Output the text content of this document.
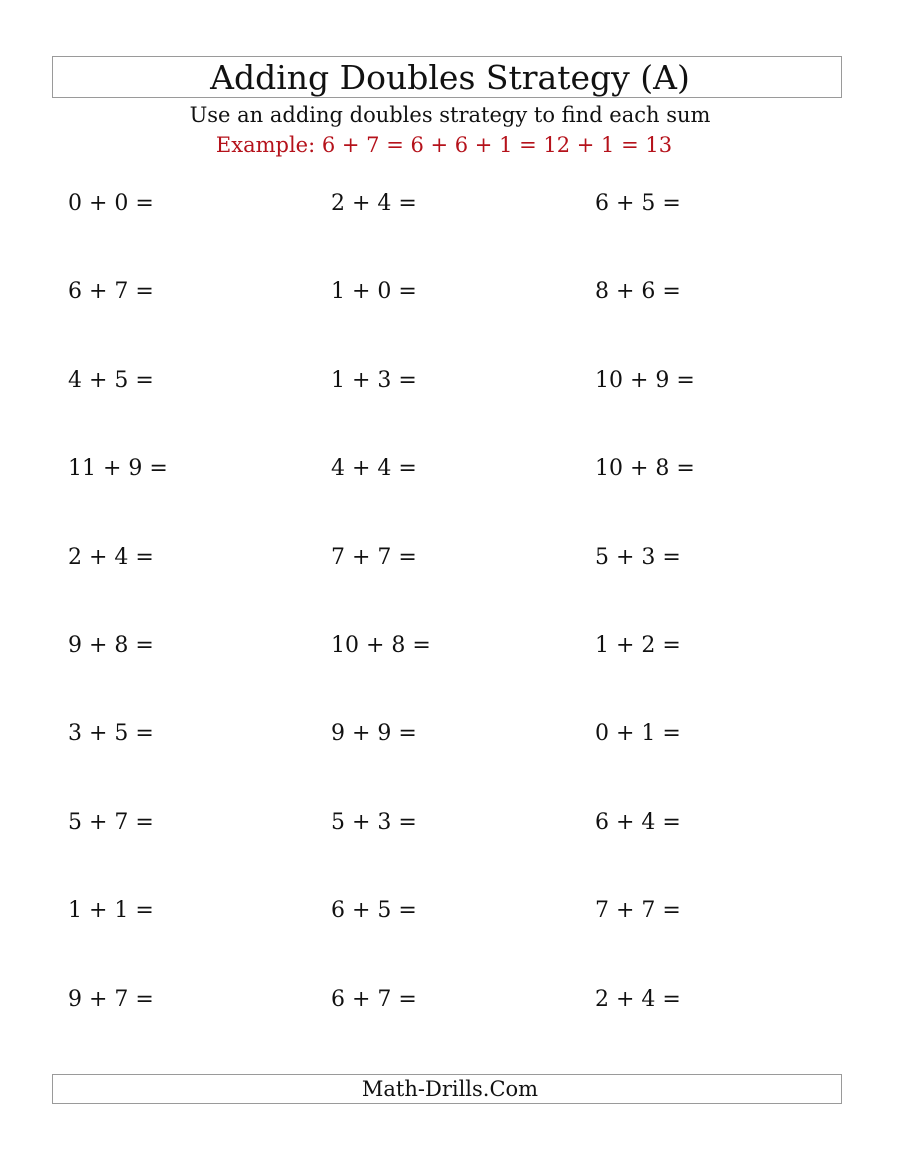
Adding Doubles Strategy (A)
Use an adding doubles strategy to find each sum
Example: 6 + 7 = 6 + 6 + 1 = 12 + 1 = 13
0 + 0 =	2 + 4 =	6 + 5 =
6 + 7 =	1 + 0 =	8 + 6 =
4 + 5 =	1 + 3 =	10 + 9 =
11 + 9 =	4 + 4 =	10 + 8 =
2 + 4 =	7 + 7 =	5 + 3 =
9 + 8 =	10 + 8 =	1 + 2 =
3 + 5 =	9 + 9 =	0 + 1 =
5 + 7 =	5 + 3 =	6 + 4 =
1 + 1 =	6 + 5 =	7 + 7 =
9 + 7 =	6 + 7 =	2 + 4 =
Math-Drills.Com
